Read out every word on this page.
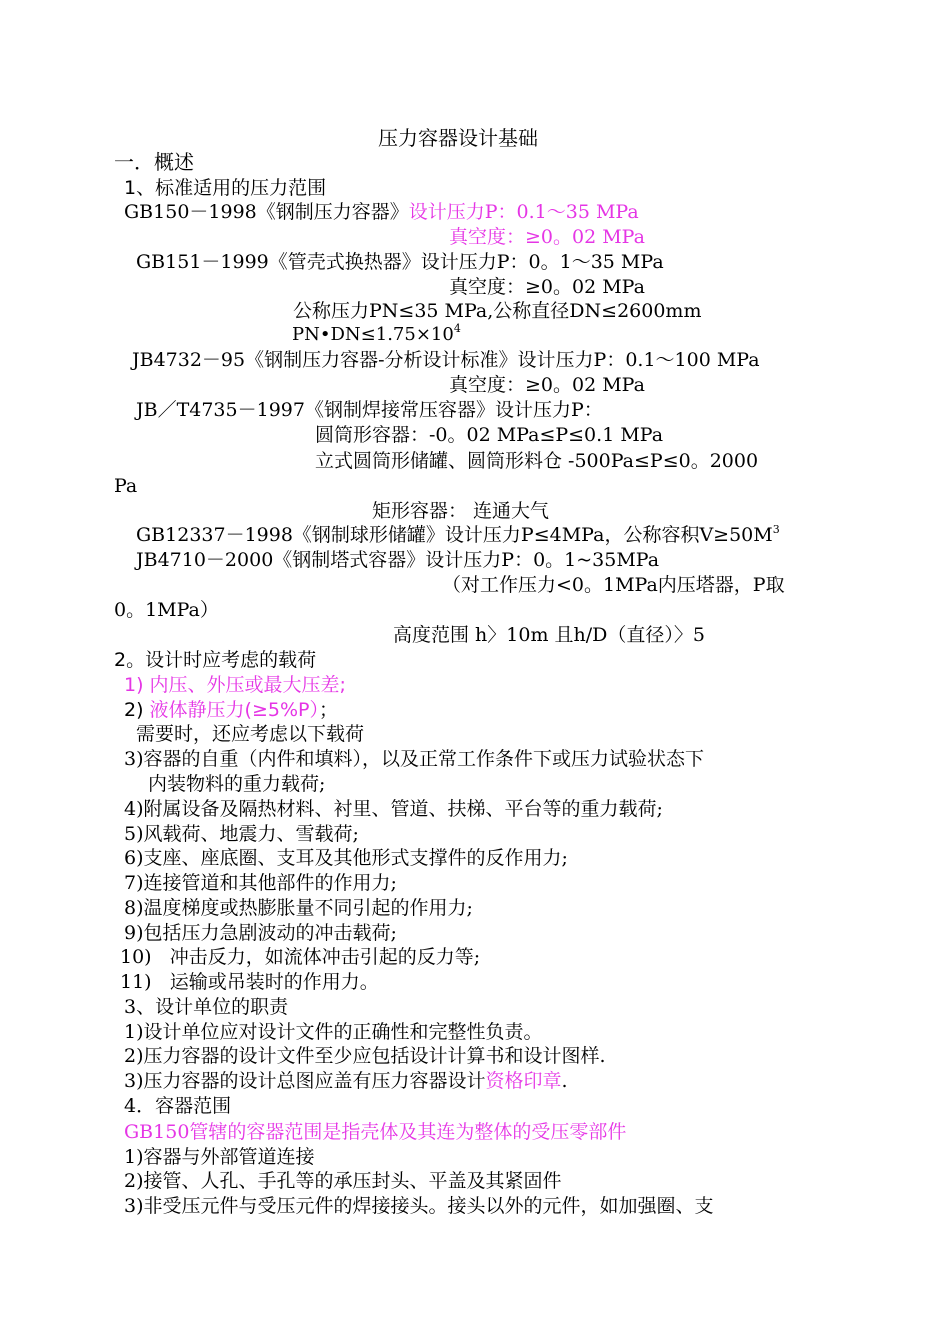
压力容器设计基础
一．概述
1、标准适用的压力范围
GB150－1998《钢制压力容器》设计压力P：0.1～35 MPa
真空度：≥0。02 MPa
GB151－1999《管壳式换热器》设计压力P：0。1～35 MPa
真空度：≥0。02 MPa
公称压力PN≤35 MPa,公称直径DN≤2600mm
$PN•DN\le 1.75\times 10^4$
JB4732－95《钢制压力容器-分析设计标准》设计压力P：0.1～100 MPa
真空度：≥0。02 MPa
JB／T4735－1997《钢制焊接常压容器》设计压力P：
圆筒形容器：-0。02 MPa≤P≤0.1 MPa
立式圆筒形储罐、圆筒形料仓 -500Pa≤P≤0。2000
Pa
矩形容器： 连通大气
GB12337－1998《钢制球形储罐》设计压力P≤4MPa，公称容积$V\ge 50M^3$
JB4710－2000《钢制塔式容器》设计压力P：0。1~35MPa
（对工作压力<0。1MPa内压塔器，P取
0。1MPa）
高度范围 h〉10m 且h/D（直径）〉5
2。设计时应考虑的载荷
1) 内压、外压或最大压差;
2) 液体静压力(≥5%P）；
需要时，还应考虑以下载荷
3)容器的自重（内件和填料），以及正常工作条件下或压力试验状态下
内装物料的重力载荷;
4)附属设备及隔热材料、衬里、管道、扶梯、平台等的重力载荷;
5)风载荷、地震力、雪载荷;
6)支座、座底圈、支耳及其他形式支撑件的反作用力;
7)连接管道和其他部件的作用力;
8)温度梯度或热膨胀量不同引起的作用力;
9)包括压力急剧波动的冲击载荷;
10)   冲击反力，如流体冲击引起的反力等;
11)   运输或吊装时的作用力。
3、设计单位的职责
1)设计单位应对设计文件的正确性和完整性负责。
2)压力容器的设计文件至少应包括设计计算书和设计图样.
3)压力容器的设计总图应盖有压力容器设计资格印章.
4．容器范围
GB150管辖的容器范围是指壳体及其连为整体的受压零部件
1)容器与外部管道连接
2)接管、人孔、手孔等的承压封头、平盖及其紧固件
3)非受压元件与受压元件的焊接接头。接头以外的元件，如加强圈、支
